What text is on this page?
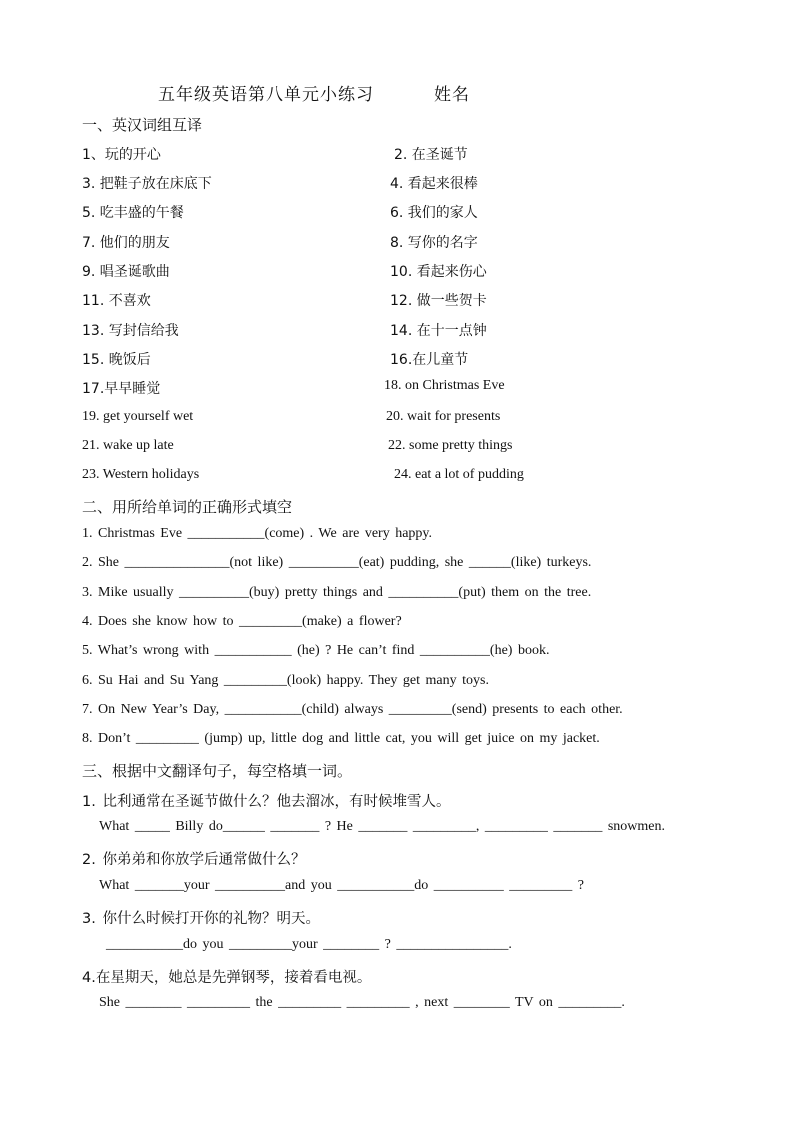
五年级英语第八单元小练习	姓名
一、英汉词组互译
1、玩的开心	2. 在圣诞节
3. 把鞋子放在床底下	4. 看起来很棒
5. 吃丰盛的午餐	6. 我们的家人
7. 他们的朋友	8. 写你的名字
9. 唱圣诞歌曲	10. 看起来伤心
11. 不喜欢	12. 做一些贺卡
13. 写封信给我	14. 在十一点钟
15. 晚饭后	16.在儿童节
17.早早睡觉	18. on Christmas Eve
19. get yourself wet	20. wait for presents
21. wake up late	22. some pretty things
23. Western holidays	24. eat a lot of pudding
二、用所给单词的正确形式填空
1. Christmas Eve ___________(come) . We are very happy.
2. She _______________(not like) __________(eat) pudding, she ______(like) turkeys.
3. Mike usually __________(buy) pretty things and __________(put) them on the tree.
4. Does she know how to _________(make) a flower?
5. What’s wrong with ___________ (he) ? He can’t find __________(he) book.
6. Su Hai and Su Yang _________(look) happy. They get many toys.
7. On New Year’s Day, ___________(child) always _________(send) presents to each other.
8. Don’t _________ (jump) up, little dog and little cat, you will get juice on my jacket.
三、根据中文翻译句子，每空格填一词。
1. 比利通常在圣诞节做什么？他去溜冰，有时候堆雪人。
What _____ Billy do______ _______ ? He _______ _________, _________ _______ snowmen.
2. 你弟弟和你放学后通常做什么？
What _______your __________and you ___________do __________ _________ ?
3. 你什么时候打开你的礼物？明天。
___________do you _________your ________ ? ________________.
4.在星期天，她总是先弹钢琴，接着看电视。
She ________ _________ the _________ _________ , next ________ TV on _________.
